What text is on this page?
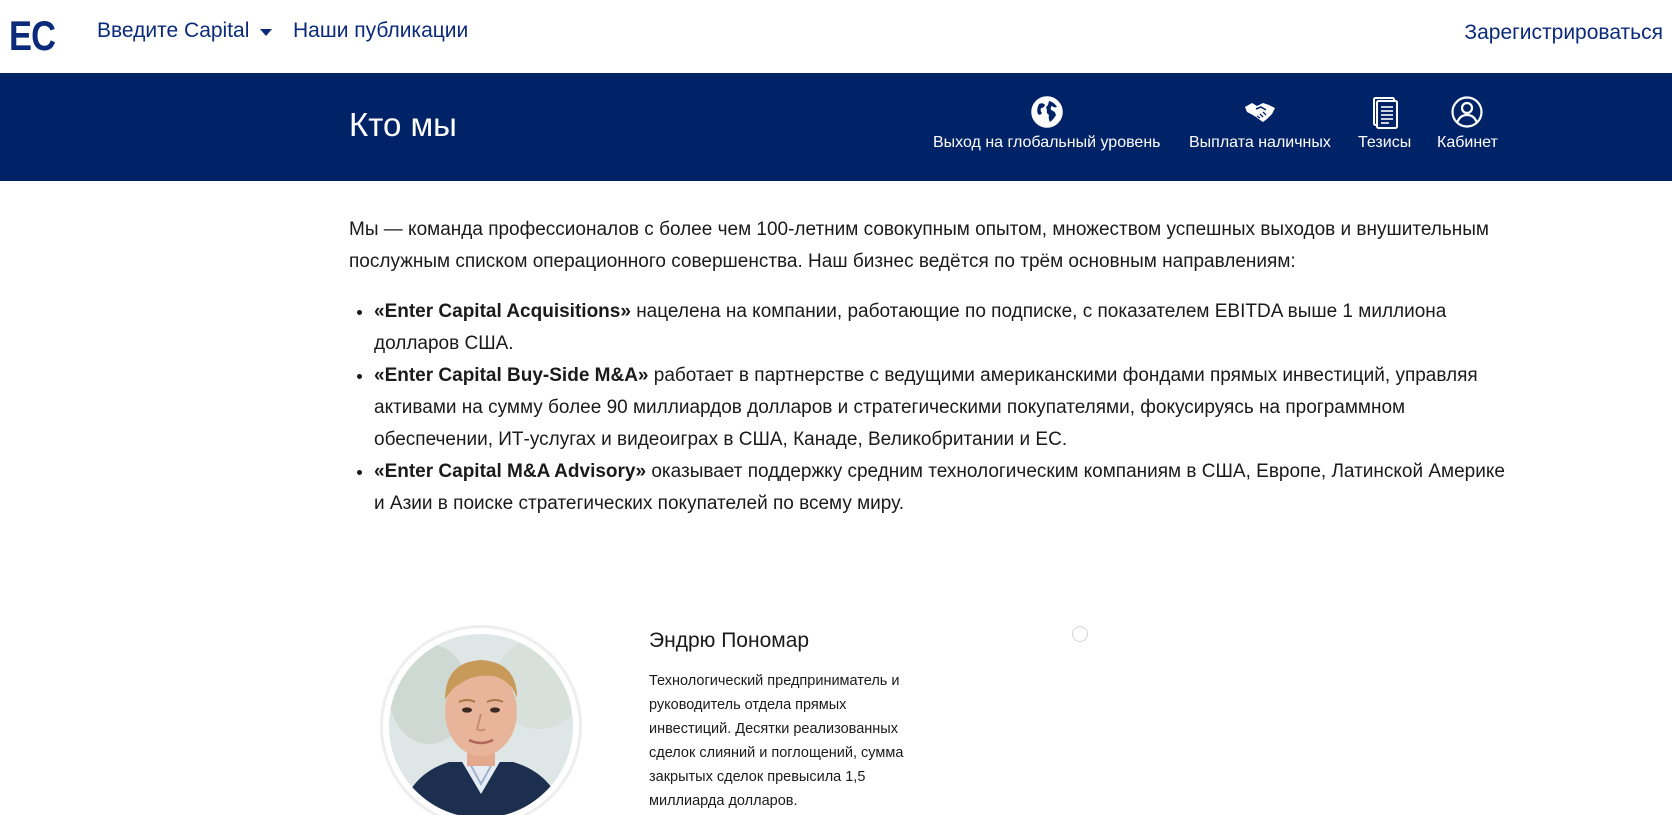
EC Введите Capital Наши публикации	Зарегистрироваться
Кто мы	Выход на глобальный уровень Выплата наличных Тезисы Кабинет

Мы — команда профессионалов с более чем 100-летним совокупным опытом, множеством успешных выходов и внушительным послужным списком операционного совершенства. Наш бизнес ведётся по трём основным направлениям:

• «Enter Capital Acquisitions» нацелена на компании, работающие по подписке, с показателем EBITDA выше 1 миллиона долларов США.
• «Enter Capital Buy-Side M&A» работает в партнерстве с ведущими американскими фондами прямых инвестиций, управляя активами на сумму более 90 миллиардов долларов и стратегическими покупателями, фокусируясь на программном обеспечении, ИТ-услугах и видеоиграх в США, Канаде, Великобритании и ЕС.
• «Enter Capital M&A Advisory» оказывает поддержку средним технологическим компаниям в США, Европе, Латинской Америке и Азии в поиске стратегических покупателей по всему миру.
Эндрю Пономар
Технологический предприниматель и руководитель отдела прямых инвестиций. Десятки реализованных сделок слияний и поглощений, сумма закрытых сделок превысила 1,5 миллиарда долларов.
